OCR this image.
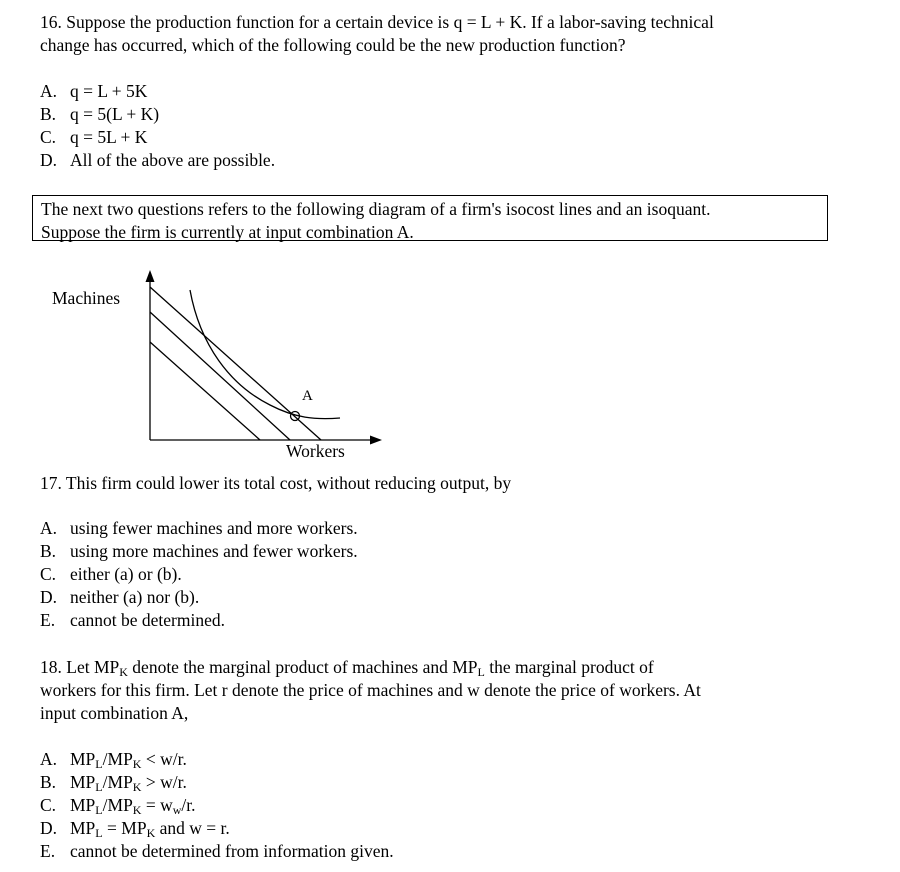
16. Suppose the production function for a certain device is q = L + K. If a labor-saving technical
change has occurred, which of the following could be the new production function?
A. q = L + 5K
B. q = 5(L + K)
C. q = 5L + K
D. All of the above are possible.
The next two questions refers to the following diagram of a firm's isocost lines and an isoquant.
Suppose the firm is currently at input combination A.
Machines
Workers
A
17. This firm could lower its total cost, without reducing output, by
A. using fewer machines and more workers.
B. using more machines and fewer workers.
C. either (a) or (b).
D. neither (a) nor (b).
E. cannot be determined.
18. Let $MP_K$ denote the marginal product of machines and $MP_L$ the marginal product of
workers for this firm. Let r denote the price of machines and w denote the price of workers. At
input combination A,
A. $MP_L/MP_K < w/r$.
B. $MP_L/MP_K > w/r$.
C. $MP_L/MP_K = w_w/r$.
D. $MP_L = MP_K$ and w = r.
E. cannot be determined from information given.
